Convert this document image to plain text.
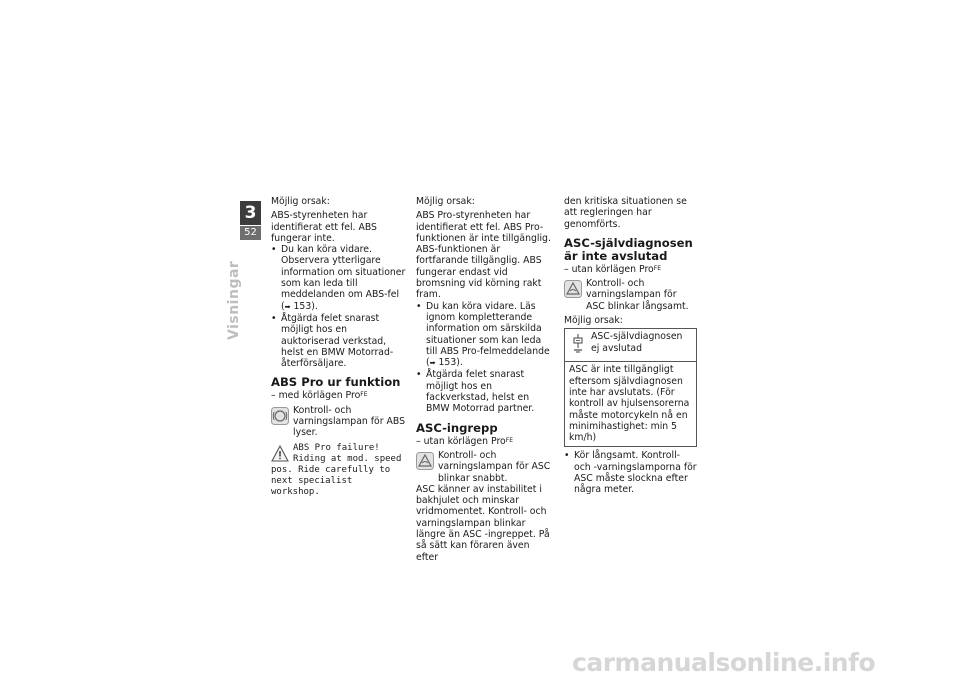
3
52
Visningar

Möjlig orsak:

ABS-styrenheten har identifierat ett fel. ABS fungerar inte.

• Du kan köra vidare. Observera ytterligare information om situationer som kan leda till meddelanden om ABS-fel (➡ 153).

• Åtgärda felet snarast möjligt hos en auktoriserad verkstad, helst en BMW Motorrad-återförsäljare.

ABS Pro ur funktion

– med körlägen Pro$^{FE}$

Kontroll- och varningslampan för ABS lyser.

ABS Pro failure! Riding at mod. speed
pos. Ride carefully to next specialist workshop.

Möjlig orsak:

ABS Pro-styrenheten har identifierat ett fel. ABS Pro-funktionen är inte tillgänglig. ABS-funktionen är fortfarande tillgänglig. ABS fungerar endast vid bromsning vid körning rakt fram.

• Du kan köra vidare. Läs ignom kompletterande information om särskilda situationer som kan leda till ABS Pro-felmeddelande (➡ 153).

• Åtgärda felet snarast möjligt hos en fackverkstad, helst en BMW Motorrad partner.

ASC-ingrepp

– utan körlägen Pro$^{FE}$

Kontroll- och varningslampan för ASC blinkar snabbt.

ASC känner av instabilitet i bakhjulet och minskar vridmomentet. Kontroll- och varningslampan blinkar längre än ASC -ingreppet. På så sätt kan föraren även efter

den kritiska situationen se att regleringen har genomförts.

ASC-självdiagnosen är inte avslutad

– utan körlägen Pro$^{FE}$

Kontroll- och varningslampan för ASC blinkar långsamt.

Möjlig orsak:

ASC-självdiagnosen ej avslutad
ASC är inte tillgängligt eftersom självdiagnosen inte har avslutats. (För kontroll av hjulsensorerna måste motorcykeln nå en minimihastighet: min 5 km/h)

• Kör långsamt. Kontroll- och -varningslamporna för ASC måste slockna efter några meter.

carmanualsonline.info
